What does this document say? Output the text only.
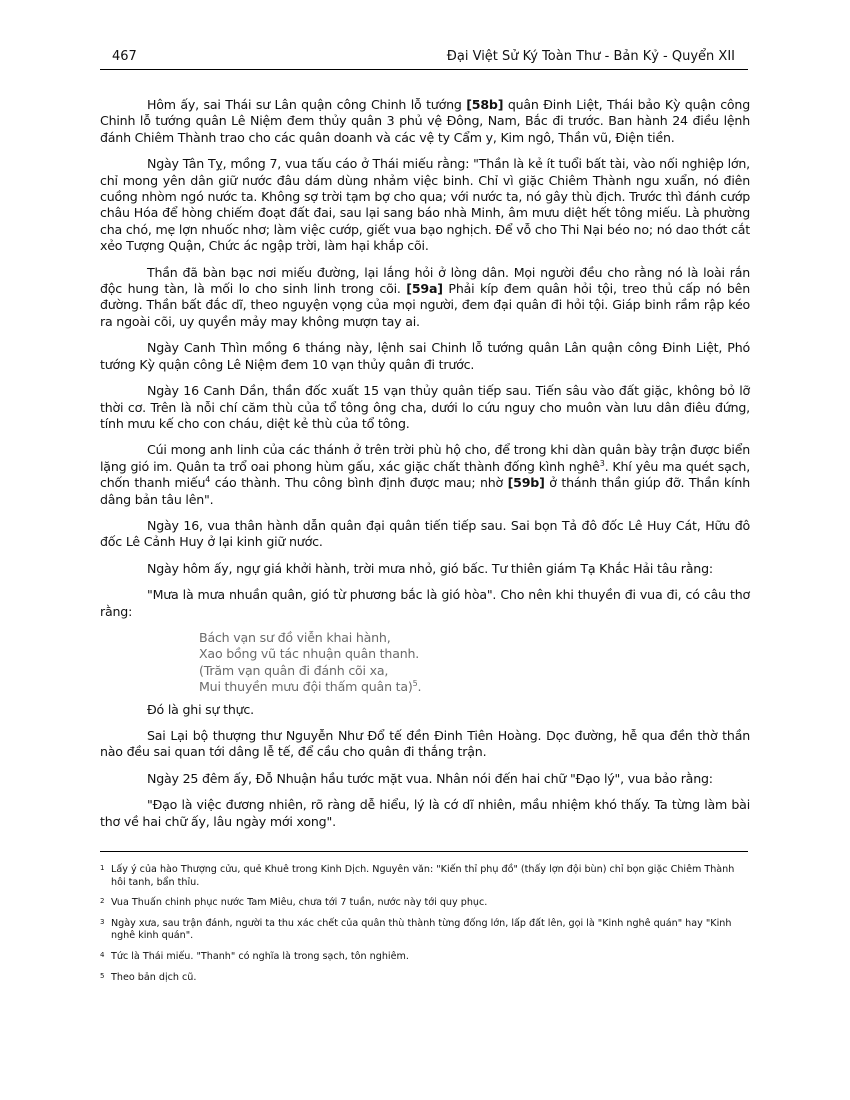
467	Đại Việt Sử Ký Toàn Thư - Bản Kỷ - Quyển XII

Hôm ấy, sai Thái sư Lân quận công Chinh lỗ tướng [58b] quân Đinh Liệt, Thái bảo Kỳ quận công Chinh lỗ tướng quân Lê Niệm đem thủy quân 3 phủ vệ Đông, Nam, Bắc đi trước. Ban hành 24 điều lệnh đánh Chiêm Thành trao cho các quân doanh và các vệ ty Cẩm y, Kim ngô, Thần vũ, Điện tiền.

Ngày Tân Tỵ, mồng 7, vua tấu cáo ở Thái miếu rằng: "Thần là kẻ ít tuổi bất tài, vào nối nghiệp lớn, chỉ mong yên dân giữ nước đâu dám dùng nhảm việc binh. Chỉ vì giặc Chiêm Thành ngu xuẩn, nó điên cuồng nhòm ngó nước ta. Không sợ trời tạm bợ cho qua; với nước ta, nó gây thù địch. Trước thì đánh cướp châu Hóa để hòng chiếm đoạt đất đai, sau lại sang báo nhà Minh, âm mưu diệt hết tông miếu. Là phường cha chó, mẹ lợn nhuốc nhơ; làm việc cướp, giết vua bạo nghịch. Để vỗ cho Thi Nại béo no; nó dao thớt cắt xẻo Tượng Quận, Chức ác ngập trời, làm hại khắp cõi.

Thần đã bàn bạc nơi miếu đường, lại lắng hỏi ở lòng dân. Mọi người đều cho rằng nó là loài rắn độc hung tàn, là mối lo cho sinh linh trong cõi. [59a] Phải kíp đem quân hỏi tội, treo thủ cấp nó bên đường. Thần bất đắc dĩ, theo nguyện vọng của mọi người, đem đại quân đi hỏi tội. Giáp binh rầm rập kéo ra ngoài cõi, uy quyền mảy may không mượn tay ai.

Ngày Canh Thìn mồng 6 tháng này, lệnh sai Chinh lỗ tướng quân Lân quận công Đinh Liệt, Phó tướng Kỳ quận công Lê Niệm đem 10 vạn thủy quân đi trước.

Ngày 16 Canh Dần, thần đốc xuất 15 vạn thủy quân tiếp sau. Tiến sâu vào đất giặc, không bỏ lỡ thời cơ. Trên là nỗi chí căm thù của tổ tông ông cha, dưới lo cứu nguy cho muôn vàn lưu dân điêu đứng, tính mưu kế cho con cháu, diệt kẻ thù của tổ tông.

Cúi mong anh linh của các thánh ở trên trời phù hộ cho, để trong khi dàn quân bày trận được biển lặng gió im. Quân ta trổ oai phong hùm gấu, xác giặc chất thành đống kình nghê$^3$. Khí yêu ma quét sạch, chốn thanh miếu$^4$ cáo thành. Thu công bình định được mau; nhờ [59b] ở thánh thần giúp đỡ. Thần kính dâng bản tâu lên".

Ngày 16, vua thân hành dẫn quân đại quân tiến tiếp sau. Sai bọn Tả đô đốc Lê Huy Cát, Hữu đô đốc Lê Cảnh Huy ở lại kinh giữ nước.

Ngày hôm ấy, ngự giá khởi hành, trời mưa nhỏ, gió bấc. Tư thiên giám Tạ Khắc Hải tâu rằng:

"Mưa là mưa nhuần quân, gió từ phương bắc là gió hòa". Cho nên khi thuyền đi vua đi, có câu thơ rằng:

Bách vạn sư đồ viễn khai hành,
Xao bồng vũ tác nhuận quân thanh.
(Trăm vạn quân đi đánh cõi xa,
Mui thuyền mưu đội thấm quân ta)$^5$.

Đó là ghi sự thực.

Sai Lại bộ thượng thư Nguyễn Như Đổ tế đền Đinh Tiên Hoàng. Dọc đường, hễ qua đền thờ thần nào đều sai quan tới dâng lễ tế, để cầu cho quân đi thắng trận.

Ngày 25 đêm ấy, Đỗ Nhuận hầu tước mặt vua. Nhân nói đến hai chữ "Đạo lý", vua bảo rằng:

"Đạo là việc đương nhiên, rõ ràng dễ hiểu, lý là cớ dĩ nhiên, mầu nhiệm khó thấy. Ta từng làm bài thơ về hai chữ ấy, lâu ngày mới xong".

1 Lấy ý của hào Thượng cửu, quẻ Khuê trong Kinh Dịch. Nguyên văn: "Kiến thỉ phụ đồ" (thấy lợn đội bùn) chỉ bọn giặc Chiêm Thành hôi tanh, bẩn thỉu.
2 Vua Thuấn chinh phục nước Tam Miêu, chưa tới 7 tuần, nước này tới quy phục.
3 Ngày xưa, sau trận đánh, người ta thu xác chết của quân thù thành từng đống lớn, lấp đất lên, gọi là "Kinh nghê quán" hay "Kinh nghê kinh quán".
4 Tức là Thái miếu. "Thanh" có nghĩa là trong sạch, tôn nghiêm.
5 Theo bản dịch cũ.
